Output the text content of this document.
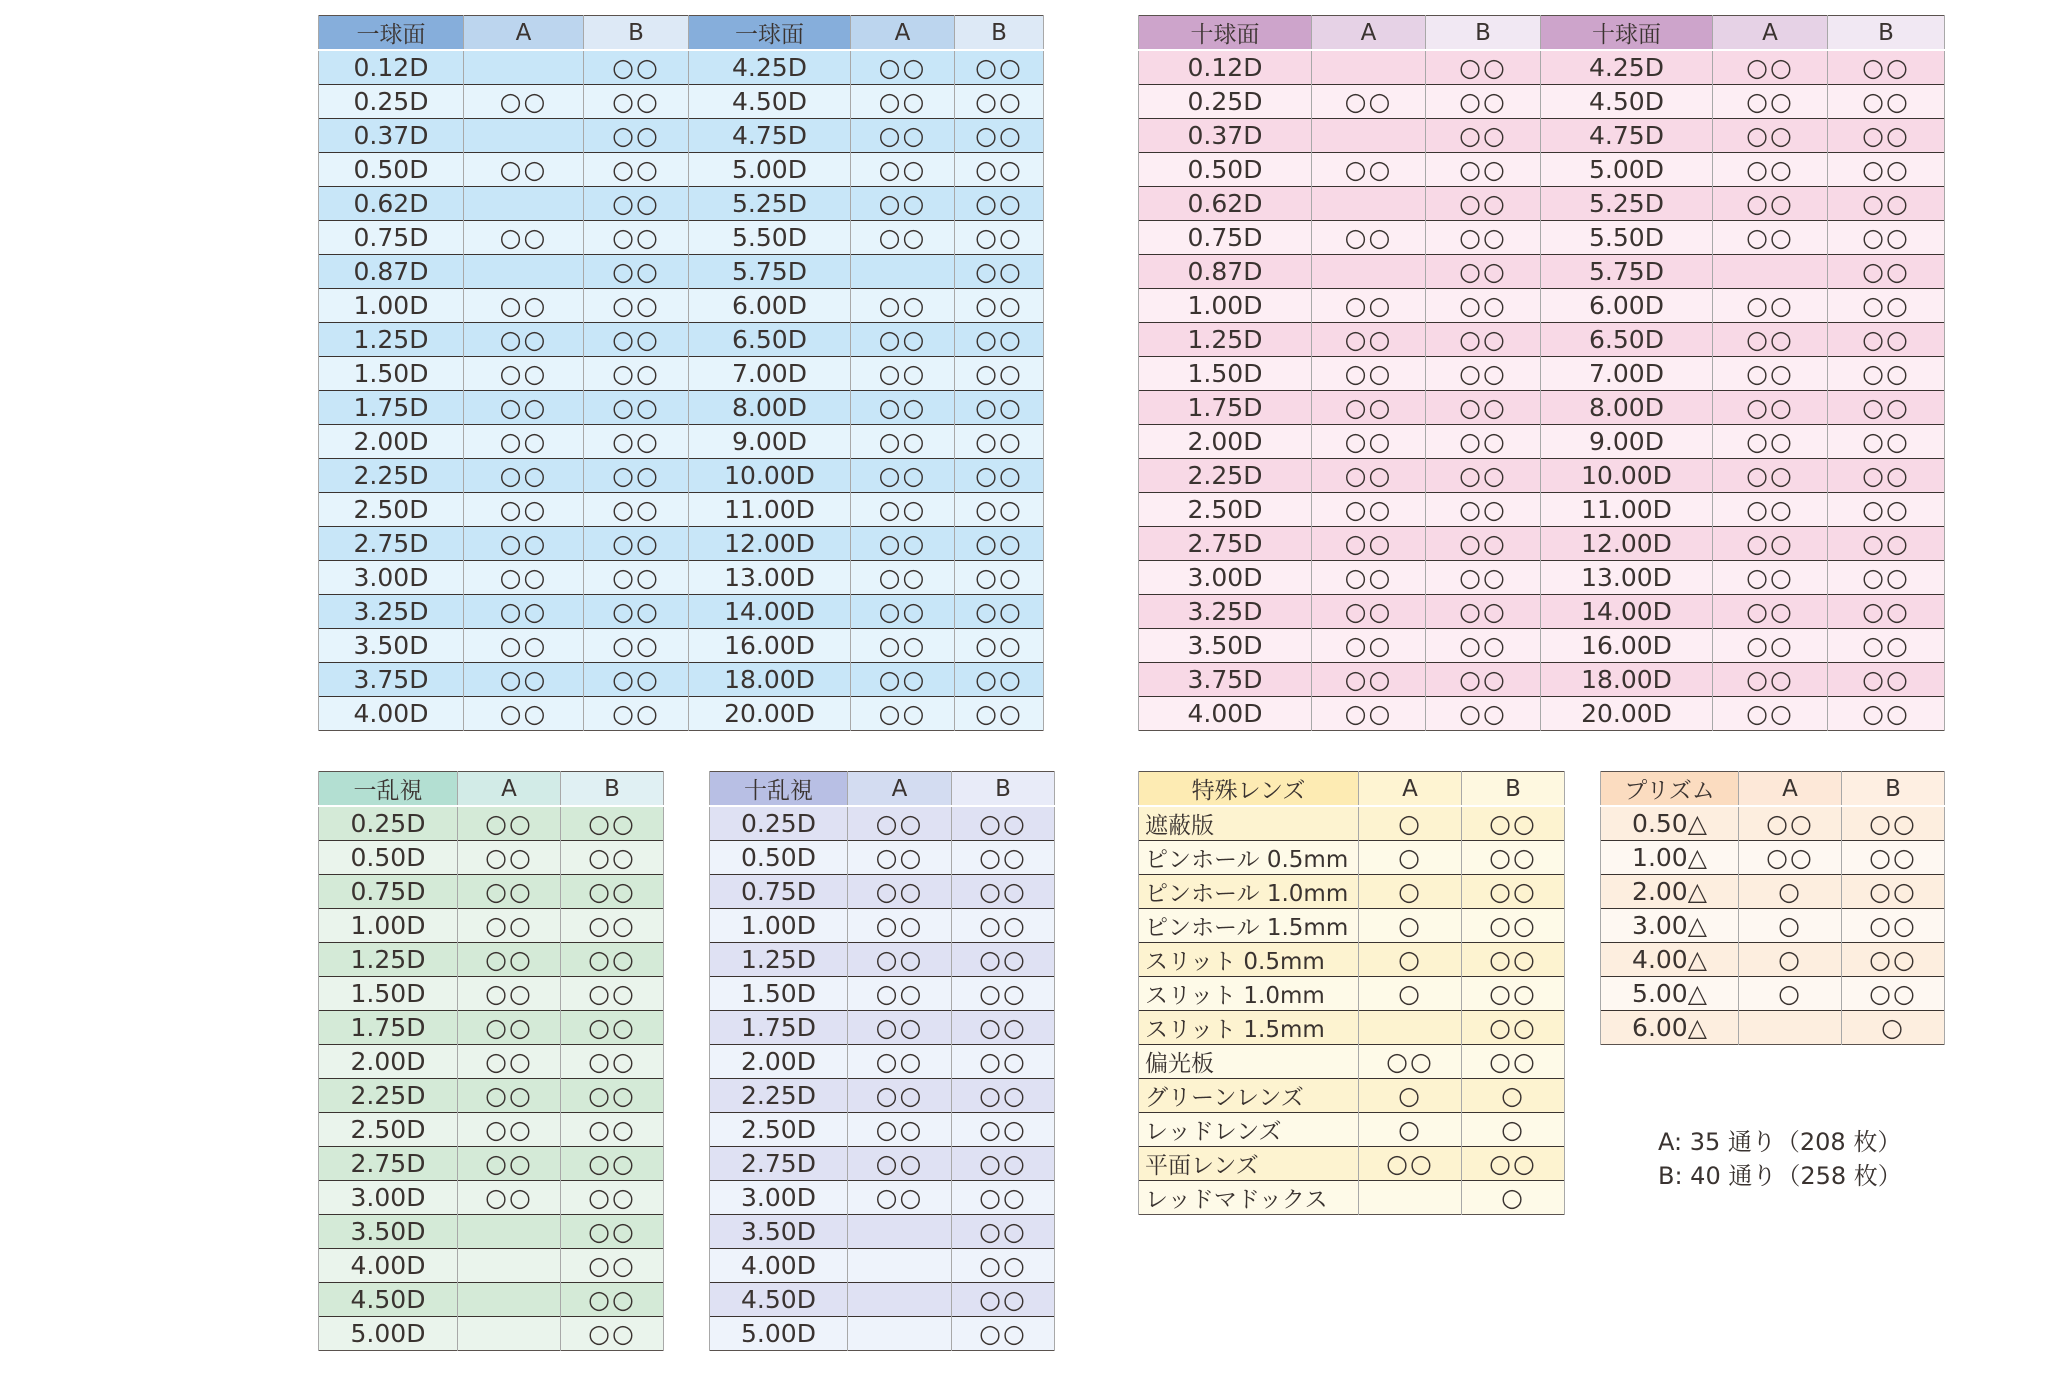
一球面	A	B	一球面	A	B
0.12D		○○	4.25D	○○	○○
0.25D	○○	○○	4.50D	○○	○○
0.37D		○○	4.75D	○○	○○
0.50D	○○	○○	5.00D	○○	○○
0.62D		○○	5.25D	○○	○○
0.75D	○○	○○	5.50D	○○	○○
0.87D		○○	5.75D		○○
1.00D	○○	○○	6.00D	○○	○○
1.25D	○○	○○	6.50D	○○	○○
1.50D	○○	○○	7.00D	○○	○○
1.75D	○○	○○	8.00D	○○	○○
2.00D	○○	○○	9.00D	○○	○○
2.25D	○○	○○	10.00D	○○	○○
2.50D	○○	○○	11.00D	○○	○○
2.75D	○○	○○	12.00D	○○	○○
3.00D	○○	○○	13.00D	○○	○○
3.25D	○○	○○	14.00D	○○	○○
3.50D	○○	○○	16.00D	○○	○○
3.75D	○○	○○	18.00D	○○	○○
4.00D	○○	○○	20.00D	○○	○○
十球面	A	B	十球面	A	B
0.12D		○○	4.25D	○○	○○
0.25D	○○	○○	4.50D	○○	○○
0.37D		○○	4.75D	○○	○○
0.50D	○○	○○	5.00D	○○	○○
0.62D		○○	5.25D	○○	○○
0.75D	○○	○○	5.50D	○○	○○
0.87D		○○	5.75D		○○
1.00D	○○	○○	6.00D	○○	○○
1.25D	○○	○○	6.50D	○○	○○
1.50D	○○	○○	7.00D	○○	○○
1.75D	○○	○○	8.00D	○○	○○
2.00D	○○	○○	9.00D	○○	○○
2.25D	○○	○○	10.00D	○○	○○
2.50D	○○	○○	11.00D	○○	○○
2.75D	○○	○○	12.00D	○○	○○
3.00D	○○	○○	13.00D	○○	○○
3.25D	○○	○○	14.00D	○○	○○
3.50D	○○	○○	16.00D	○○	○○
3.75D	○○	○○	18.00D	○○	○○
4.00D	○○	○○	20.00D	○○	○○
一乱視	A	B
0.25D	○○	○○
0.50D	○○	○○
0.75D	○○	○○
1.00D	○○	○○
1.25D	○○	○○
1.50D	○○	○○
1.75D	○○	○○
2.00D	○○	○○
2.25D	○○	○○
2.50D	○○	○○
2.75D	○○	○○
3.00D	○○	○○
3.50D		○○
4.00D		○○
4.50D		○○
5.00D		○○
十乱視	A	B
0.25D	○○	○○
0.50D	○○	○○
0.75D	○○	○○
1.00D	○○	○○
1.25D	○○	○○
1.50D	○○	○○
1.75D	○○	○○
2.00D	○○	○○
2.25D	○○	○○
2.50D	○○	○○
2.75D	○○	○○
3.00D	○○	○○
3.50D		○○
4.00D		○○
4.50D		○○
5.00D		○○
特殊レンズ	A	B
遮蔽版	○	○○
ピンホール 0.5mm	○	○○
ピンホール 1.0mm	○	○○
ピンホール 1.5mm	○	○○
スリット 0.5mm	○	○○
スリット 1.0mm	○	○○
スリット 1.5mm		○○
偏光板	○○	○○
グリーンレンズ	○	○
レッドレンズ	○	○
平面レンズ	○○	○○
レッドマドックス		○
プリズム	A	B
0.50△	○○	○○
1.00△	○○	○○
2.00△	○	○○
3.00△	○	○○
4.00△	○	○○
5.00△	○	○○
6.00△		○
A: 35 通り（208 枚）
B: 40 通り（258 枚）
